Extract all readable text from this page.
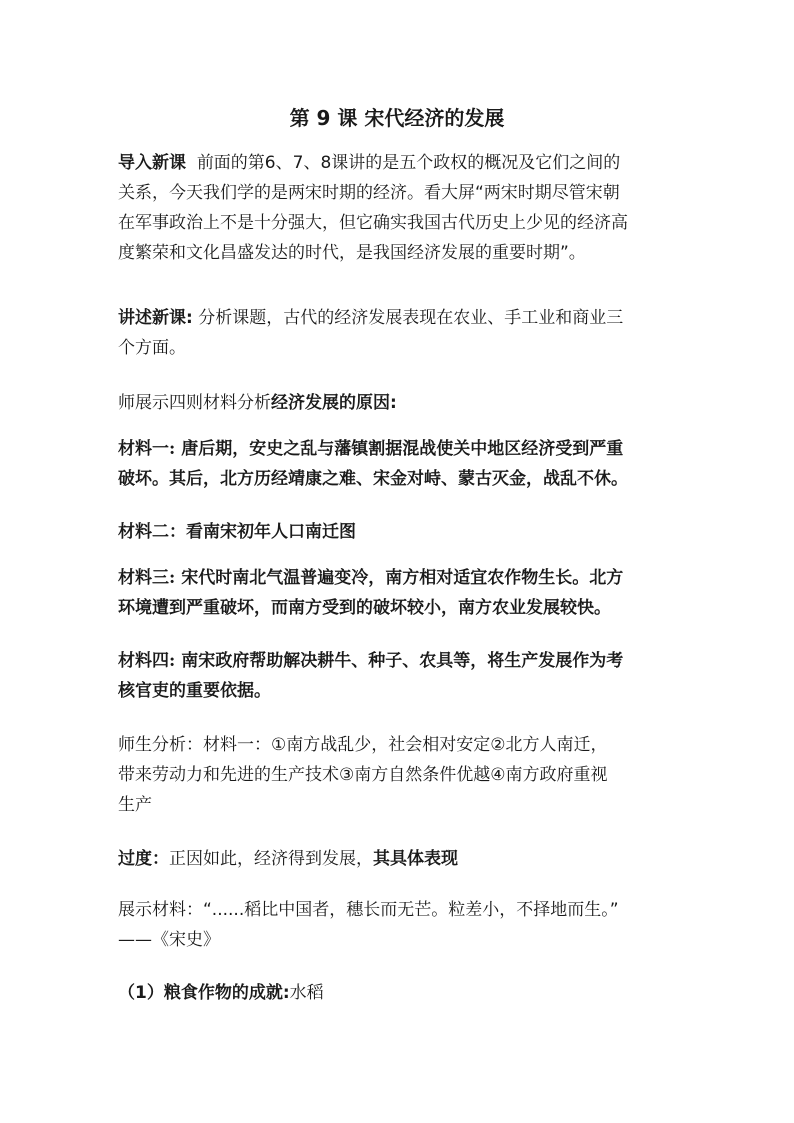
第 9 课 宋代经济的发展
导入新课 前面的第6、7、8课讲的是五个政权的概况及它们之间的
关系，今天我们学的是两宋时期的经济。看大屏“两宋时期尽管宋朝
在军事政治上不是十分强大，但它确实我国古代历史上少见的经济高
度繁荣和文化昌盛发达的时代，是我国经济发展的重要时期”。
讲述新课: 分析课题，古代的经济发展表现在农业、手工业和商业三
个方面。
师展示四则材料分析经济发展的原因:
材料一: 唐后期，安史之乱与藩镇割据混战使关中地区经济受到严重
破坏。其后，北方历经靖康之难、宋金对峙、蒙古灭金，战乱不休。
材料二：看南宋初年人口南迁图
材料三: 宋代时南北气温普遍变冷，南方相对适宜农作物生长。北方
环境遭到严重破坏，而南方受到的破坏较小，南方农业发展较快。
材料四: 南宋政府帮助解决耕牛、种子、农具等，将生产发展作为考
核官吏的重要依据。
师生分析：材料一：①南方战乱少，社会相对安定②北方人南迁，
带来劳动力和先进的生产技术③南方自然条件优越④南方政府重视
生产
过度：正因如此，经济得到发展，其具体表现
展示材料：“......稻比中国者，穗长而无芒。粒差小，不择地而生。”
——《宋史》
（1）粮食作物的成就:水稻
